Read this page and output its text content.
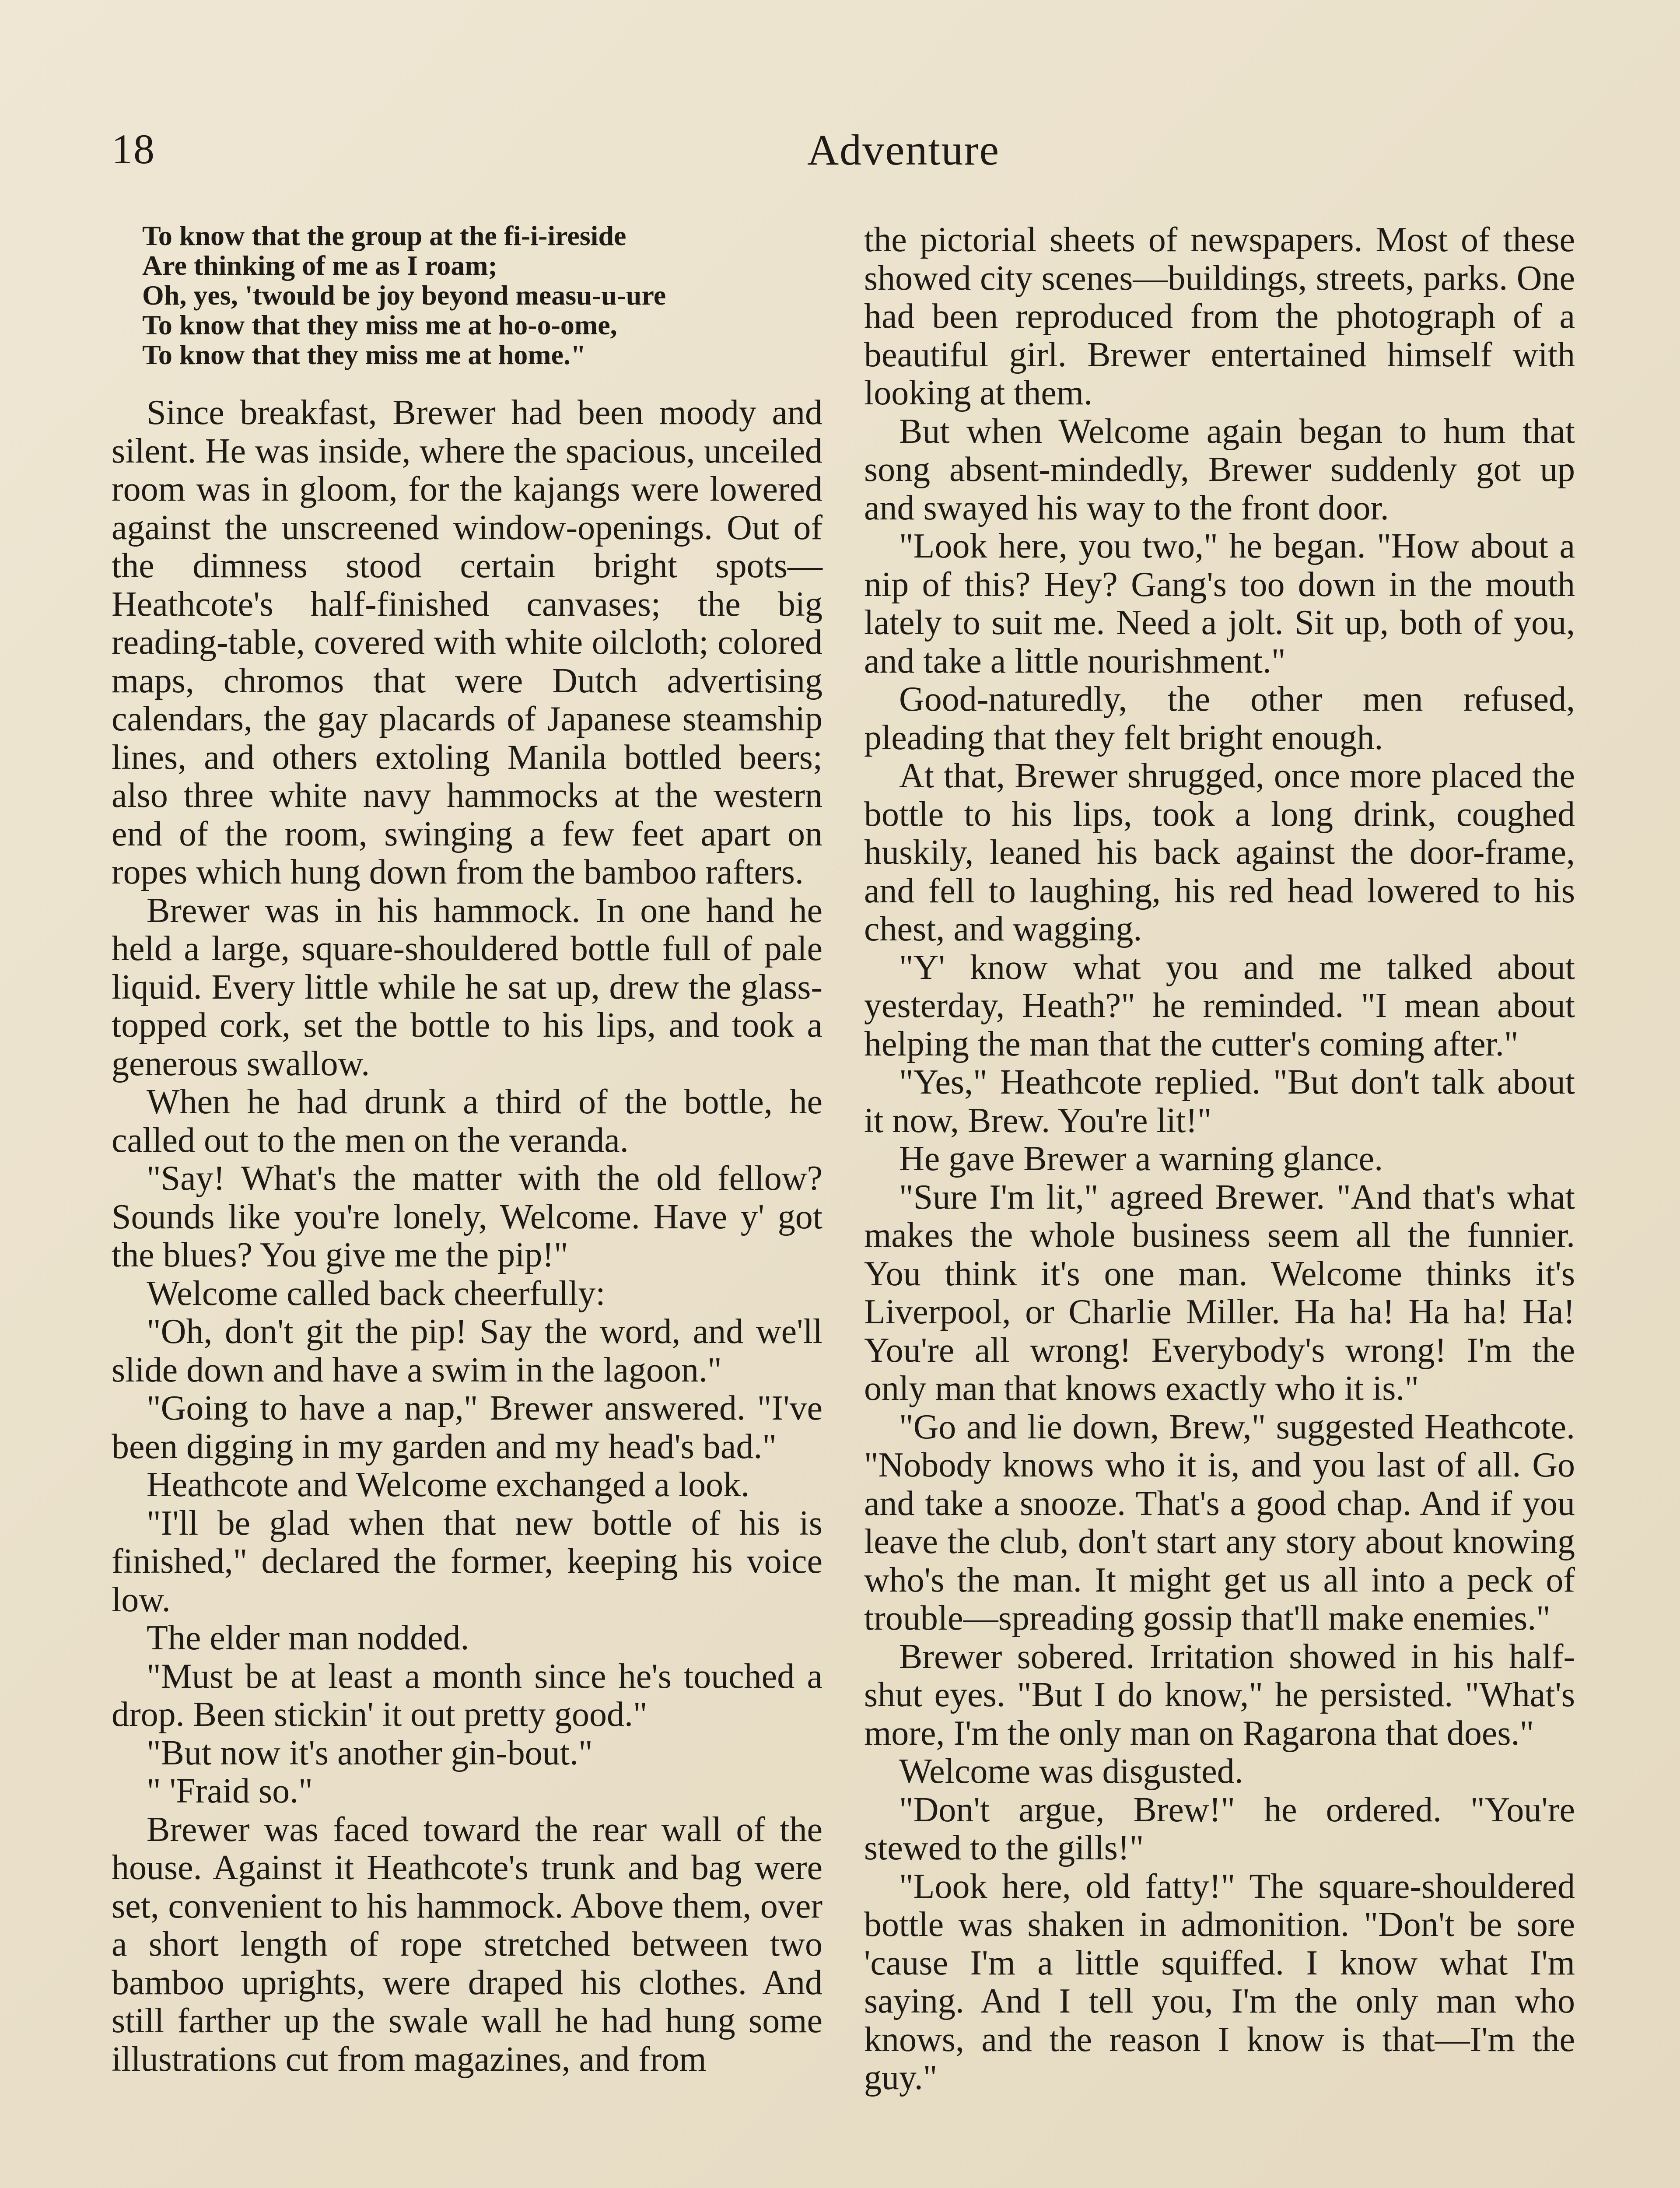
18	Adventure
To know that the group at the fi-i-ireside
Are thinking of me as I roam;
Oh, yes, 'twould be joy beyond measu-u-ure
To know that they miss me at ho-o-ome,
To know that they miss me at home."

Since breakfast, Brewer had been moody and silent. He was inside, where the spacious, unceiled room was in gloom, for the kajangs were lowered against the unscreened window-openings. Out of the dimness stood certain bright spots—Heathcote's half-finished canvases; the big reading-table, covered with white oilcloth; colored maps, chromos that were Dutch advertising calendars, the gay placards of Japanese steamship lines, and others extoling Manila bottled beers; also three white navy hammocks at the western end of the room, swinging a few feet apart on ropes which hung down from the bamboo rafters.

Brewer was in his hammock. In one hand he held a large, square-shouldered bottle full of pale liquid. Every little while he sat up, drew the glass-topped cork, set the bottle to his lips, and took a generous swallow.

When he had drunk a third of the bottle, he called out to the men on the veranda.

"Say! What's the matter with the old fellow? Sounds like you're lonely, Welcome. Have y' got the blues? You give me the pip!"

Welcome called back cheerfully:

"Oh, don't git the pip! Say the word, and we'll slide down and have a swim in the lagoon."

"Going to have a nap," Brewer answered. "I've been digging in my garden and my head's bad."

Heathcote and Welcome exchanged a look.

"I'll be glad when that new bottle of his is finished," declared the former, keeping his voice low.

The elder man nodded.

"Must be at least a month since he's touched a drop. Been stickin' it out pretty good."

"But now it's another gin-bout."

" 'Fraid so."

Brewer was faced toward the rear wall of the house. Against it Heathcote's trunk and bag were set, convenient to his hammock. Above them, over a short length of rope stretched between two bamboo uprights, were draped his clothes. And still farther up the swale wall he had hung some illustrations cut from magazines, and from

the pictorial sheets of newspapers. Most of these showed city scenes—buildings, streets, parks. One had been reproduced from the photograph of a beautiful girl. Brewer entertained himself with looking at them.

But when Welcome again began to hum that song absent-mindedly, Brewer suddenly got up and swayed his way to the front door.

"Look here, you two," he began. "How about a nip of this? Hey? Gang's too down in the mouth lately to suit me. Need a jolt. Sit up, both of you, and take a little nourishment."

Good-naturedly, the other men refused, pleading that they felt bright enough.

At that, Brewer shrugged, once more placed the bottle to his lips, took a long drink, coughed huskily, leaned his back against the door-frame, and fell to laughing, his red head lowered to his chest, and wagging.

"Y' know what you and me talked about yesterday, Heath?" he reminded. "I mean about helping the man that the cutter's coming after."

"Yes," Heathcote replied. "But don't talk about it now, Brew. You're lit!"

He gave Brewer a warning glance.

"Sure I'm lit," agreed Brewer. "And that's what makes the whole business seem all the funnier. You think it's one man. Welcome thinks it's Liverpool, or Charlie Miller. Ha ha! Ha ha! Ha! You're all wrong! Everybody's wrong! I'm the only man that knows exactly who it is."

"Go and lie down, Brew," suggested Heathcote. "Nobody knows who it is, and you last of all. Go and take a snooze. That's a good chap. And if you leave the club, don't start any story about knowing who's the man. It might get us all into a peck of trouble—spreading gossip that'll make enemies."

Brewer sobered. Irritation showed in his half-shut eyes. "But I do know," he persisted. "What's more, I'm the only man on Ragarona that does."

Welcome was disgusted.

"Don't argue, Brew!" he ordered. "You're stewed to the gills!"

"Look here, old fatty!" The square-shouldered bottle was shaken in admonition. "Don't be sore 'cause I'm a little squiffed. I know what I'm saying. And I tell you, I'm the only man who knows, and the reason I know is that—I'm the guy."
